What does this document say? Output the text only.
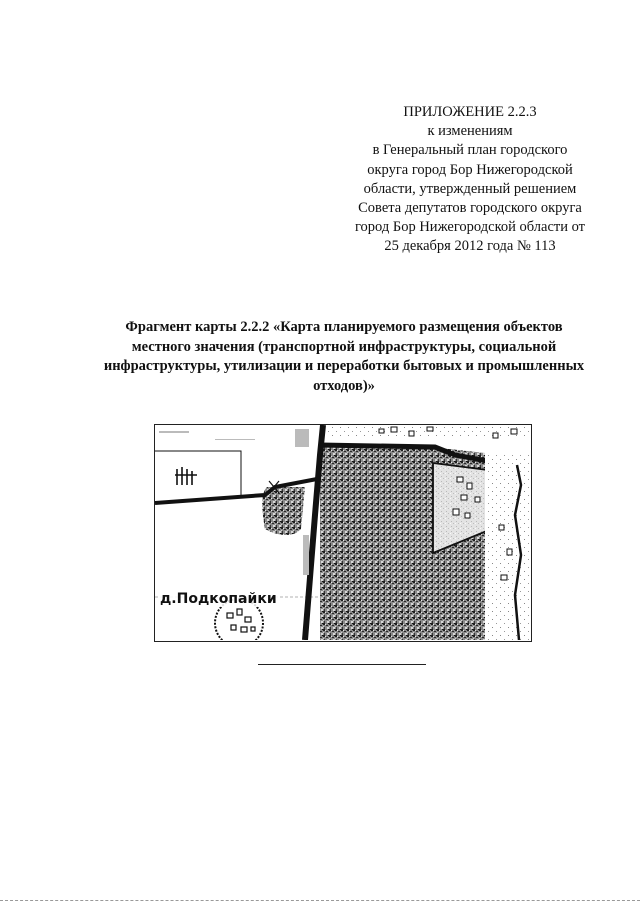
ПРИЛОЖЕНИЕ 2.2.3
к изменениям
в Генеральный план городского
округа город Бор Нижегородской
области, утвержденный решением
Совета депутатов городского округа
город Бор Нижегородской области от
25 декабря 2012 года № 113
Фрагмент карты 2.2.2 «Карта планируемого размещения объектов
местного значения (транспортной инфраструктуры, социальной
инфраструктуры, утилизации и переработки бытовых и промышленных
отходов)»
д.Подкопайки
